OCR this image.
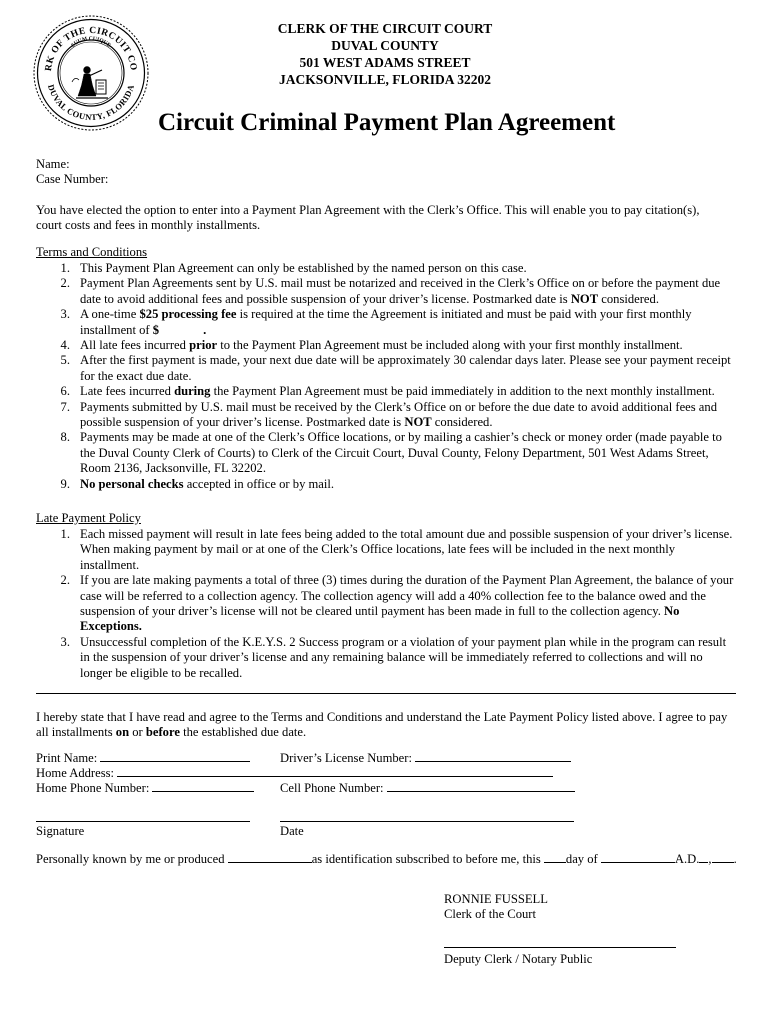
RK OF THE CIRCUIT CO
DUVAL COUNTY, FLORIDA
SUUM CUIQUE
CLERK OF THE CIRCUIT COURT
DUVAL COUNTY
501 WEST ADAMS STREET
JACKSONVILLE, FLORIDA 32202
Circuit Criminal Payment Plan Agreement
Name:
Case Number:
You have elected the option to enter into a Payment Plan Agreement with the Clerk’s Office. This will enable you to pay citation(s), court costs and fees in monthly installments.
Terms and Conditions
1. This Payment Plan Agreement can only be established by the named person on this case.
2. Payment Plan Agreements sent by U.S. mail must be notarized and received in the Clerk’s Office on or before the payment due date to avoid additional fees and possible suspension of your driver’s license. Postmarked date is NOT considered.
3. A one-time $25 processing fee is required at the time the Agreement is initiated and must be paid with your first monthly installment of $	.
4. All late fees incurred prior to the Payment Plan Agreement must be included along with your first monthly installment.
5. After the first payment is made, your next due date will be approximately 30 calendar days later. Please see your payment receipt for the exact due date.
6. Late fees incurred during the Payment Plan Agreement must be paid immediately in addition to the next monthly installment.
7. Payments submitted by U.S. mail must be received by the Clerk’s Office on or before the due date to avoid additional fees and possible suspension of your driver’s license. Postmarked date is NOT considered.
8. Payments may be made at one of the Clerk’s Office locations, or by mailing a cashier’s check or money order (made payable to the Duval County Clerk of Courts) to Clerk of the Circuit Court, Duval County, Felony Department, 501 West Adams Street, Room 2136, Jacksonville, FL 32202.
9. No personal checks accepted in office or by mail.
Late Payment Policy
1. Each missed payment will result in late fees being added to the total amount due and possible suspension of your driver’s license. When making payment by mail or at one of the Clerk’s Office locations, late fees will be included in the next monthly installment.
2. If you are late making payments a total of three (3) times during the duration of the Payment Plan Agreement, the balance of your case will be referred to a collection agency. The collection agency will add a 40% collection fee to the balance owed and the suspension of your driver’s license will not be cleared until payment has been made in full to the collection agency. No Exceptions.
3. Unsuccessful completion of the K.E.Y.S. 2 Success program or a violation of your payment plan while in the program can result in the suspension of your driver’s license and any remaining balance will be immediately referred to collections and will no longer be eligible to be recalled.
I hereby state that I have read and agree to the Terms and Conditions and understand the Late Payment Policy listed above. I agree to pay all installments on or before the established due date.
Print Name:	Driver’s License Number:
Home Address:
Home Phone Number:	Cell Phone Number:
Signature	Date
Personally known by me or produced	as identification subscribed to before me, this day of	A.D. , .
RONNIE FUSSELL
Clerk of the Court
Deputy Clerk / Notary Public
